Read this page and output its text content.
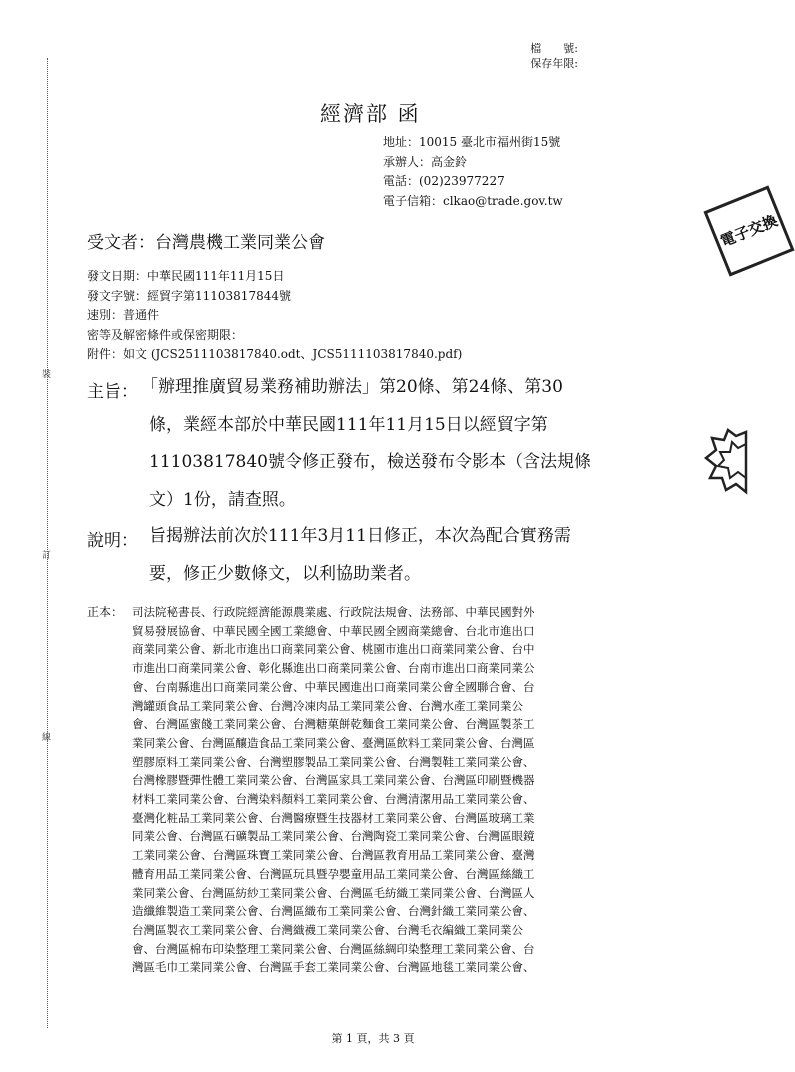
裝
訂
線
檔　　號:
保存年限:
經濟部 函
地址：10015 臺北市福州街15號
承辦人：高金鈴
電話：(02)23977227
電子信箱：clkao@trade.gov.tw
受文者：台灣農機工業同業公會
發文日期：中華民國111年11月15日
發文字號：經貿字第11103817844號
速別：普通件
密等及解密條件或保密期限：
附件：如文 (JCS2511103817840.odt、JCS5111103817840.pdf)
主旨： 「辦理推廣貿易業務補助辦法」第20條、第24條、第30
條，業經本部於中華民國111年11月15日以經貿字第
11103817840號令修正發布，檢送發布令影本（含法規條
文）1份，請查照。
說明： 旨揭辦法前次於111年3月11日修正，本次為配合實務需
要，修正少數條文，以利協助業者。
正本： 司法院秘書長、行政院經濟能源農業處、行政院法規會、法務部、中華民國對外
貿易發展協會、中華民國全國工業總會、中華民國全國商業總會、台北市進出口
商業同業公會、新北市進出口商業同業公會、桃園市進出口商業同業公會、台中
市進出口商業同業公會、彰化縣進出口商業同業公會、台南市進出口商業同業公
會、台南縣進出口商業同業公會、中華民國進出口商業同業公會全國聯合會、台
灣罐頭食品工業同業公會、台灣冷凍肉品工業同業公會、台灣水產工業同業公
會、台灣區蜜餞工業同業公會、台灣糖菓餅乾麵食工業同業公會、台灣區製茶工
業同業公會、台灣區釀造食品工業同業公會、臺灣區飲料工業同業公會、台灣區
塑膠原料工業同業公會、台灣塑膠製品工業同業公會、台灣製鞋工業同業公會、
台灣橡膠暨彈性體工業同業公會、台灣區家具工業同業公會、台灣區印刷暨機器
材料工業同業公會、台灣染料顏料工業同業公會、台灣清潔用品工業同業公會、
臺灣化粧品工業同業公會、台灣醫療暨生技器材工業同業公會、台灣區玻璃工業
同業公會、台灣區石礦製品工業同業公會、台灣陶瓷工業同業公會、台灣區眼鏡
工業同業公會、台灣區珠寶工業同業公會、台灣區教育用品工業同業公會、臺灣
體育用品工業同業公會、台灣區玩具暨孕嬰童用品工業同業公會、台灣區絲織工
業同業公會、台灣區紡紗工業同業公會、台灣區毛紡織工業同業公會、台灣區人
造纖維製造工業同業公會、台灣區織布工業同業公會、台灣針織工業同業公會、
台灣區製衣工業同業公會、台灣織襪工業同業公會、台灣毛衣編織工業同業公
會、台灣區棉布印染整理工業同業公會、台灣區絲綢印染整理工業同業公會、台
灣區毛巾工業同業公會、台灣區手套工業同業公會、台灣區地毯工業同業公會、
第 1 頁，共 3 頁
電子交換
